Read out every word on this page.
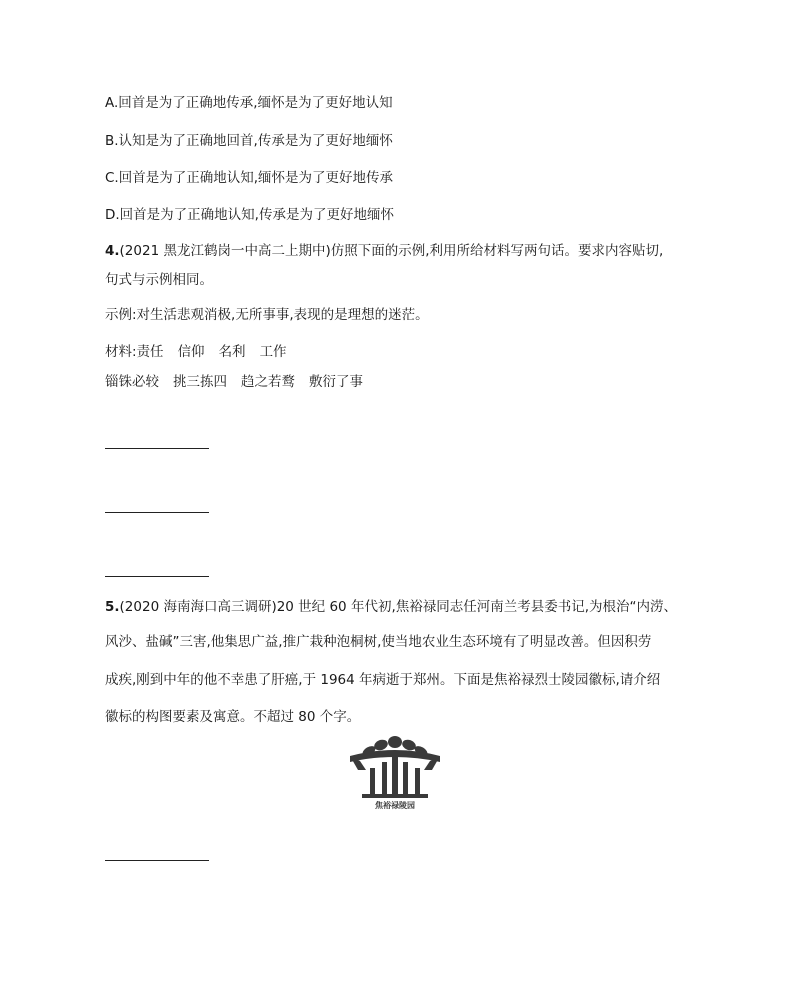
A.回首是为了正确地传承,缅怀是为了更好地认知
B.认知是为了正确地回首,传承是为了更好地缅怀
C.回首是为了正确地认知,缅怀是为了更好地传承
D.回首是为了正确地认知,传承是为了更好地缅怀
4.(2021 黑龙江鹤岗一中高二上期中)仿照下面的示例,利用所给材料写两句话。要求内容贴切,
句式与示例相同。
示例:对生活悲观消极,无所事事,表现的是理想的迷茫。
材料:责任 信仰 名利 工作
锱铢必较 挑三拣四 趋之若鹜 敷衍了事
5.(2020 海南海口高三调研)20 世纪 60 年代初,焦裕禄同志任河南兰考县委书记,为根治“内涝、
风沙、盐碱”三害,他集思广益,推广栽种泡桐树,使当地农业生态环境有了明显改善。但因积劳
成疾,刚到中年的他不幸患了肝癌,于 1964 年病逝于郑州。下面是焦裕禄烈士陵园徽标,请介绍
徽标的构图要素及寓意。不超过 80 个字。
焦裕禄陵园
